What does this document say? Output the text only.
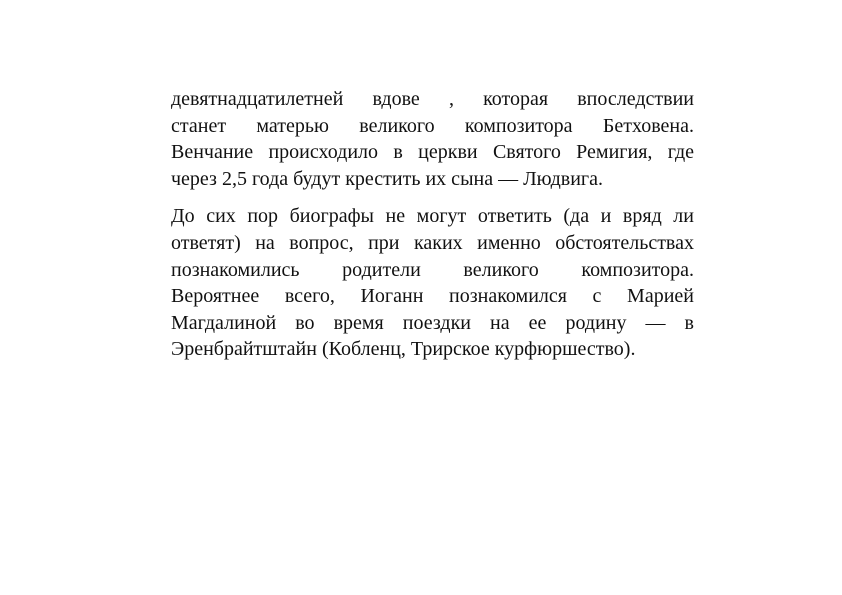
девятнадцатилетней вдове , которая впоследствии
станет матерью великого композитора Бетховена.
Венчание происходило в церкви Святого Ремигия, где
через 2,5 года будут крестить их сына — Людвига.

До сих пор биографы не могут ответить (да и вряд ли
ответят) на вопрос, при каких именно обстоятельствах
познакомились родители великого композитора.
Вероятнее всего, Иоганн познакомился с Марией
Магдалиной во время поездки на ее родину — в
Эренбрайтштайн (Кобленц, Трирское курфюршество).
